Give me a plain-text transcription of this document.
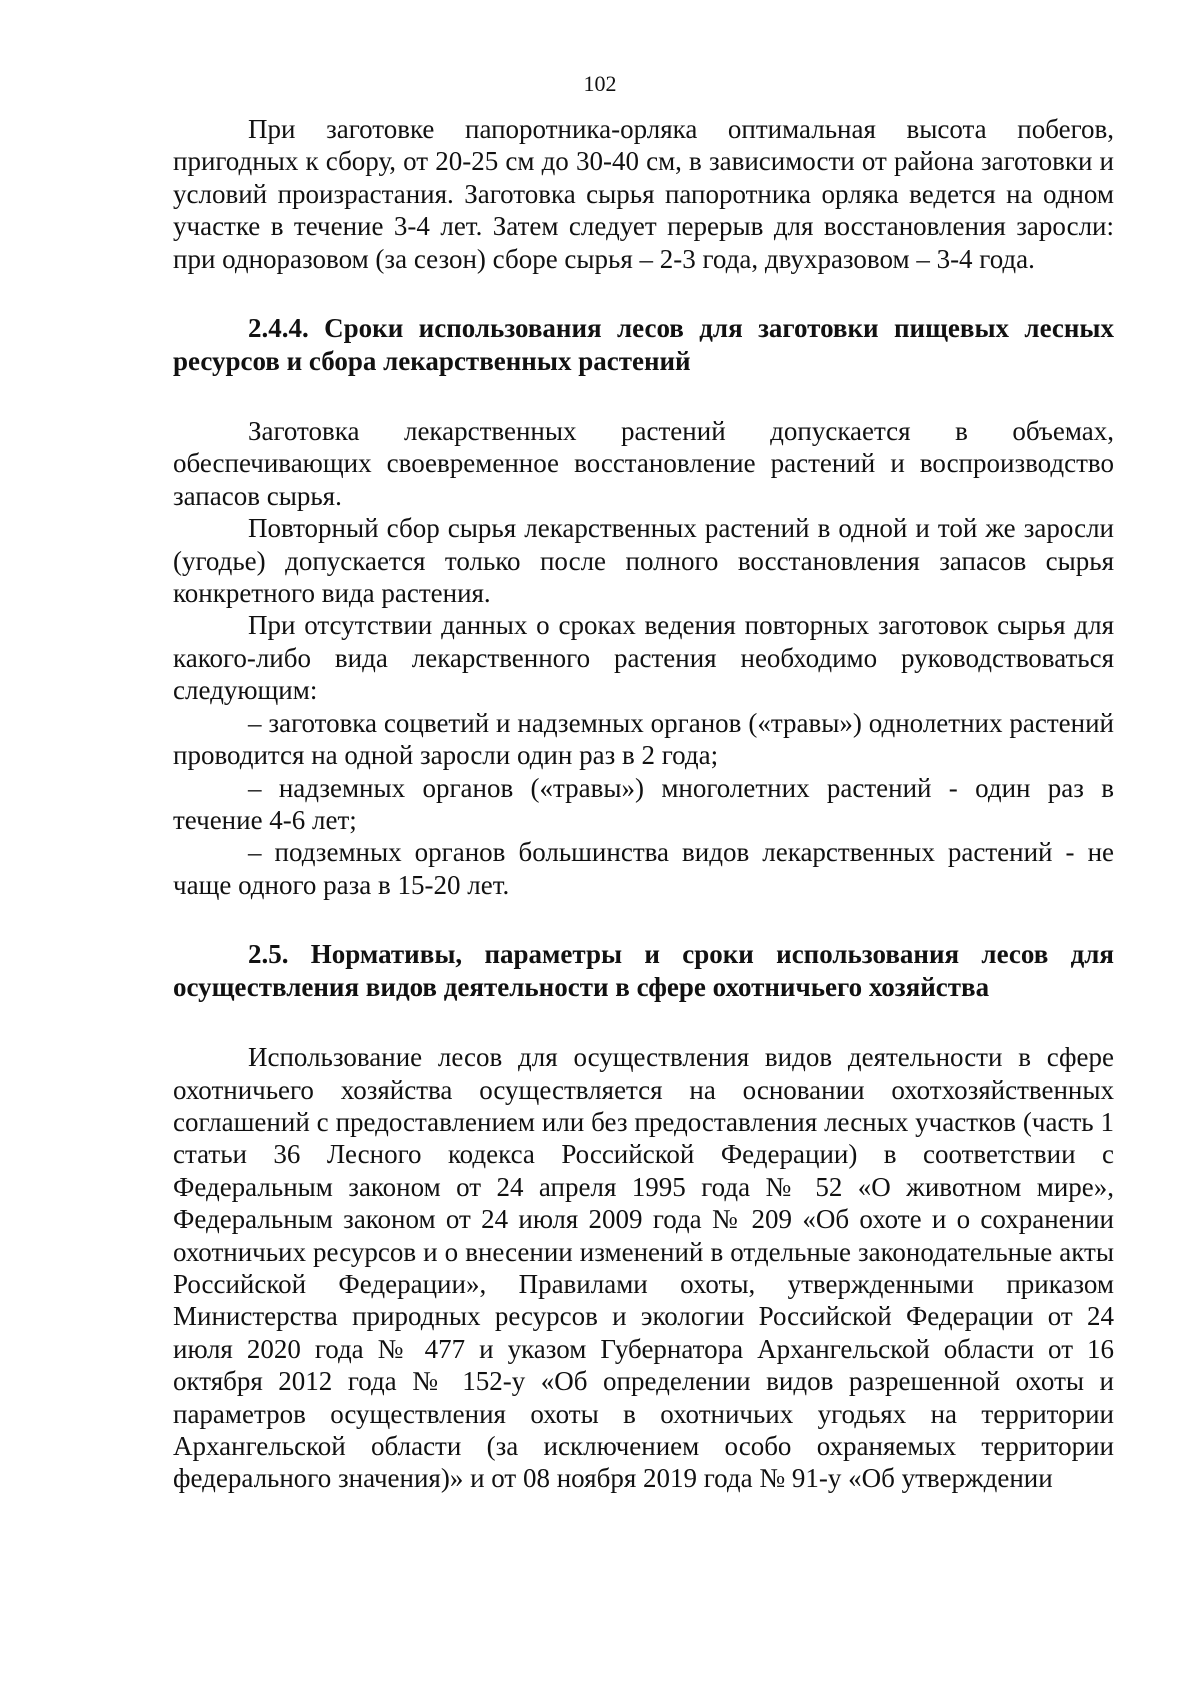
102

При заготовке папоротника-орляка оптимальная высота побегов, пригодных к сбору, от 20-25 см до 30-40 см, в зависимости от района заготовки и условий произрастания. Заготовка сырья папоротника орляка ведется на одном участке в течение 3-4 лет. Затем следует перерыв для восстановления заросли: при одноразовом (за сезон) сборе сырья – 2-3 года, двухразовом – 3-4 года.

2.4.4. Сроки использования лесов для заготовки пищевых лесных ресурсов и сбора лекарственных растений

Заготовка лекарственных растений допускается в объемах, обеспечивающих своевременное восстановление растений и воспроизводство запасов сырья.

Повторный сбор сырья лекарственных растений в одной и той же заросли (угодье) допускается только после полного восстановления запасов сырья конкретного вида растения.

При отсутствии данных о сроках ведения повторных заготовок сырья для какого-либо вида лекарственного растения необходимо руководствоваться следующим:

– заготовка соцветий и надземных органов («травы») однолетних растений проводится на одной заросли один раз в 2 года;

– надземных органов («травы») многолетних растений - один раз в течение 4-6 лет;

– подземных органов большинства видов лекарственных растений - не чаще одного раза в 15-20 лет.

2.5. Нормативы, параметры и сроки использования лесов для осуществления видов деятельности в сфере охотничьего хозяйства

Использование лесов для осуществления видов деятельности в сфере охотничьего хозяйства осуществляется на основании охотхозяйственных соглашений с предоставлением или без предоставления лесных участков (часть 1 статьи 36 Лесного кодекса Российской Федерации) в соответствии с Федеральным законом от 24 апреля 1995 года № 52 «О животном мире», Федеральным законом от 24 июля 2009 года № 209 «Об охоте и о сохранении охотничьих ресурсов и о внесении изменений в отдельные законодательные акты Российской Федерации», Правилами охоты, утвержденными приказом Министерства природных ресурсов и экологии Российской Федерации от 24 июля 2020 года № 477 и указом Губернатора Архангельской области от 16 октября 2012 года № 152-у «Об определении видов разрешенной охоты и параметров осуществления охоты в охотничьих угодьях на территории Архангельской области (за исключением особо охраняемых территории федерального значения)» и от 08 ноября 2019 года № 91-у «Об утверждении
